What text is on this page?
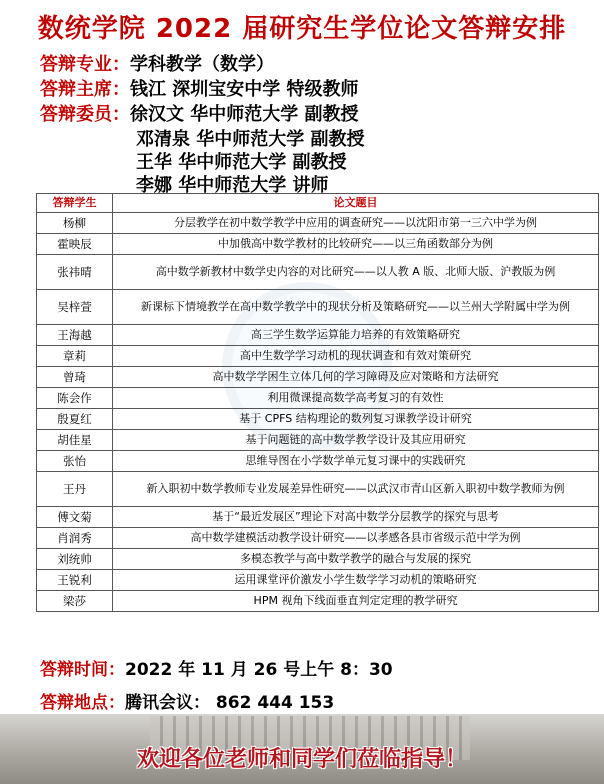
数统学院 2022 届研究生学位论文答辩安排
答辩专业：学科教学（数学）
答辩主席：钱江 深圳宝安中学 特级教师
答辩委员：徐汉文 华中师范大学 副教授
邓清泉 华中师范大学 副教授
王华 华中师范大学 副教授
李娜 华中师范大学 讲师
答辩学生	论文题目
杨柳	分层教学在初中数学教学中应用的调查研究——以沈阳市第一三六中学为例
霍映辰	中加俄高中数学教材的比较研究——以三角函数部分为例
张祎晴	高中数学新教材中数学史内容的对比研究——以人教 A 版、北师大版、沪教版为例
吴梓萱	新课标下情境教学在高中数学教学中的现状分析及策略研究——以兰州大学附属中学为例
王海越	高三学生数学运算能力培养的有效策略研究
章莉	高中生数学学习动机的现状调查和有效对策研究
曾琦	高中数学学困生立体几何的学习障碍及应对策略和方法研究
陈会作	利用微课提高数学高考复习的有效性
殷夏红	基于 CPFS 结构理论的数列复习课教学设计研究
胡佳星	基于问题链的高中数学教学设计及其应用研究
张怡	思维导图在小学数学单元复习课中的实践研究
王丹	新入职初中数学教师专业发展差异性研究——以武汉市青山区新入职初中数学教师为例
傅文菊	基于“最近发展区”理论下对高中数学分层教学的探究与思考
肖润秀	高中数学建模活动教学设计研究——以孝感各县市省级示范中学为例
刘统帅	多模态教学与高中数学教学的融合与发展的探究
王锐利	运用课堂评价激发小学生数学学习动机的策略研究
梁莎	HPM 视角下线面垂直判定定理的教学研究
答辩时间：2022 年 11 月 26 号上午 8：30
答辩地点：腾讯会议： 862 444 153
欢迎各位老师和同学们莅临指导！
